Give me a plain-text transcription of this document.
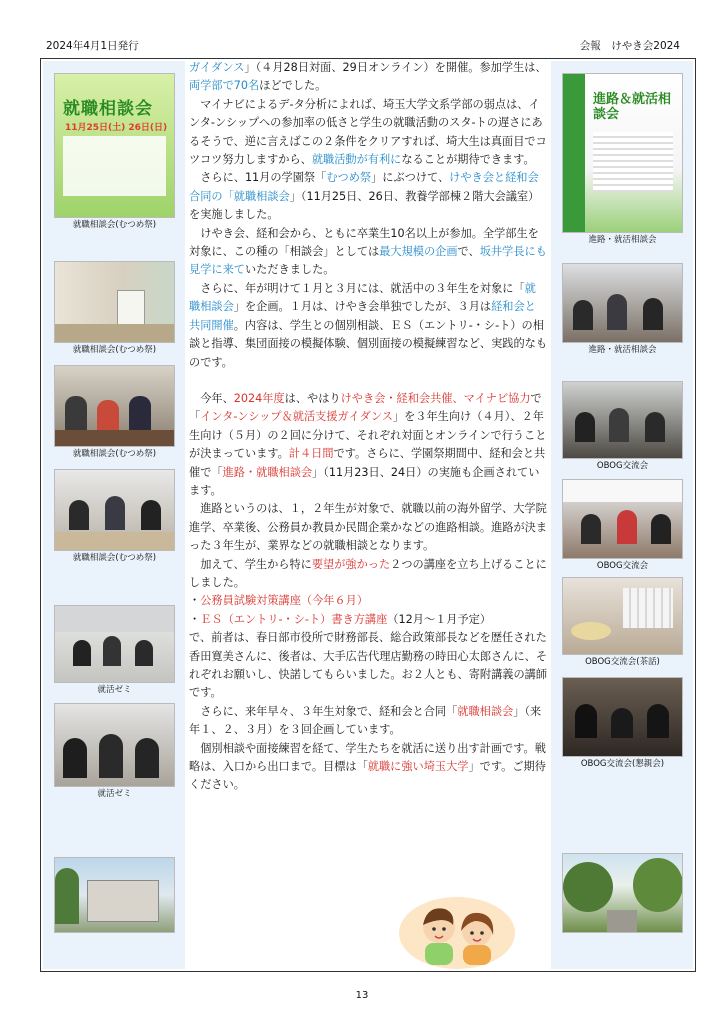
2024年4月1日発行	会報　けやき会2024
就職相談会
11月25日(土) 26日(日)
就職相談会(むつめ祭)
就職相談会(むつめ祭)
就職相談会(むつめ祭)
就職相談会(むつめ祭)
就活ゼミ
就活ゼミ

ガイダンス」（４月28日対面、29日オンライン）を開催。参加学生は、両学部で70名ほどでした。

マイナビによるデ‐タ分析によれば、埼玉大学文系学部の弱点は、インタ‐ンシップへの参加率の低さと学生の就職活動のスタ‐トの遅さにあるそうで、逆に言えばこの２条件をクリアすれば、埼大生は真面目でコツコツ努力しますから、就職活動が有利になることが期待できます。

さらに、11月の学園祭「むつめ祭」にぶつけて、けやき会と経和会合同の「就職相談会」（11月25日、26日、教養学部棟２階大会議室）を実施しました。

けやき会、経和会から、ともに卒業生10名以上が参加。全学部生を対象に、この種の「相談会」としては最大規模の企画で、坂井学長にも見学に来ていただきました。

さらに、年が明けて１月と３月には、就活中の３年生を対象に「就職相談会」を企画。１月は、けやき会単独でしたが、３月は経和会と共同開催。内容は、学生との個別相談、ＥＳ（エントリ‐・シ‐ト）の相談と指導、集団面接の模擬体験、個別面接の模擬練習など、実践的なものです。

今年、2024年度は、やはりけやき会・経和会共催、マイナビ協力で「インタ‐ンシップ＆就活支援ガイダンス」を３年生向け（４月）、２年生向け（５月）の２回に分けて、それぞれ対面とオンラインで行うことが決まっています。計４日間です。さらに、学園祭期間中、経和会と共催で「進路・就職相談会」（11月23日、24日）の実施も企画されています。

進路というのは、１，２年生が対象で、就職以前の海外留学、大学院進学、卒業後、公務員か教員か民間企業かなどの進路相談。進路が決まった３年生が、業界などの就職相談となります。

加えて、学生から特に要望が強かった２つの講座を立ち上げることにしました。

・公務員試験対策講座（今年６月）

・ＥＳ（エントリ‐・シ‐ト）書き方講座（12月～１月予定）

で、前者は、春日部市役所で財務部長、総合政策部長などを歴任された香田寛美さんに、後者は、大手広告代理店勤務の時田心太郎さんに、それぞれお願いし、快諾してもらいました。お２人とも、寄附講義の講師です。

さらに、来年早々、３年生対象で、経和会と合同「就職相談会」（来年１、２、３月）を３回企画しています。

個別相談や面接練習を経て、学生たちを就活に送り出す計画です。戦略は、入口から出口まで。目標は「就職に強い埼玉大学」です。ご期待ください。

進路＆就活相談会
進路・就活相談会
進路・就活相談会
OBOG交流会
OBOG交流会
OBOG交流会(茶話)
OBOG交流会(懇親会)
13
